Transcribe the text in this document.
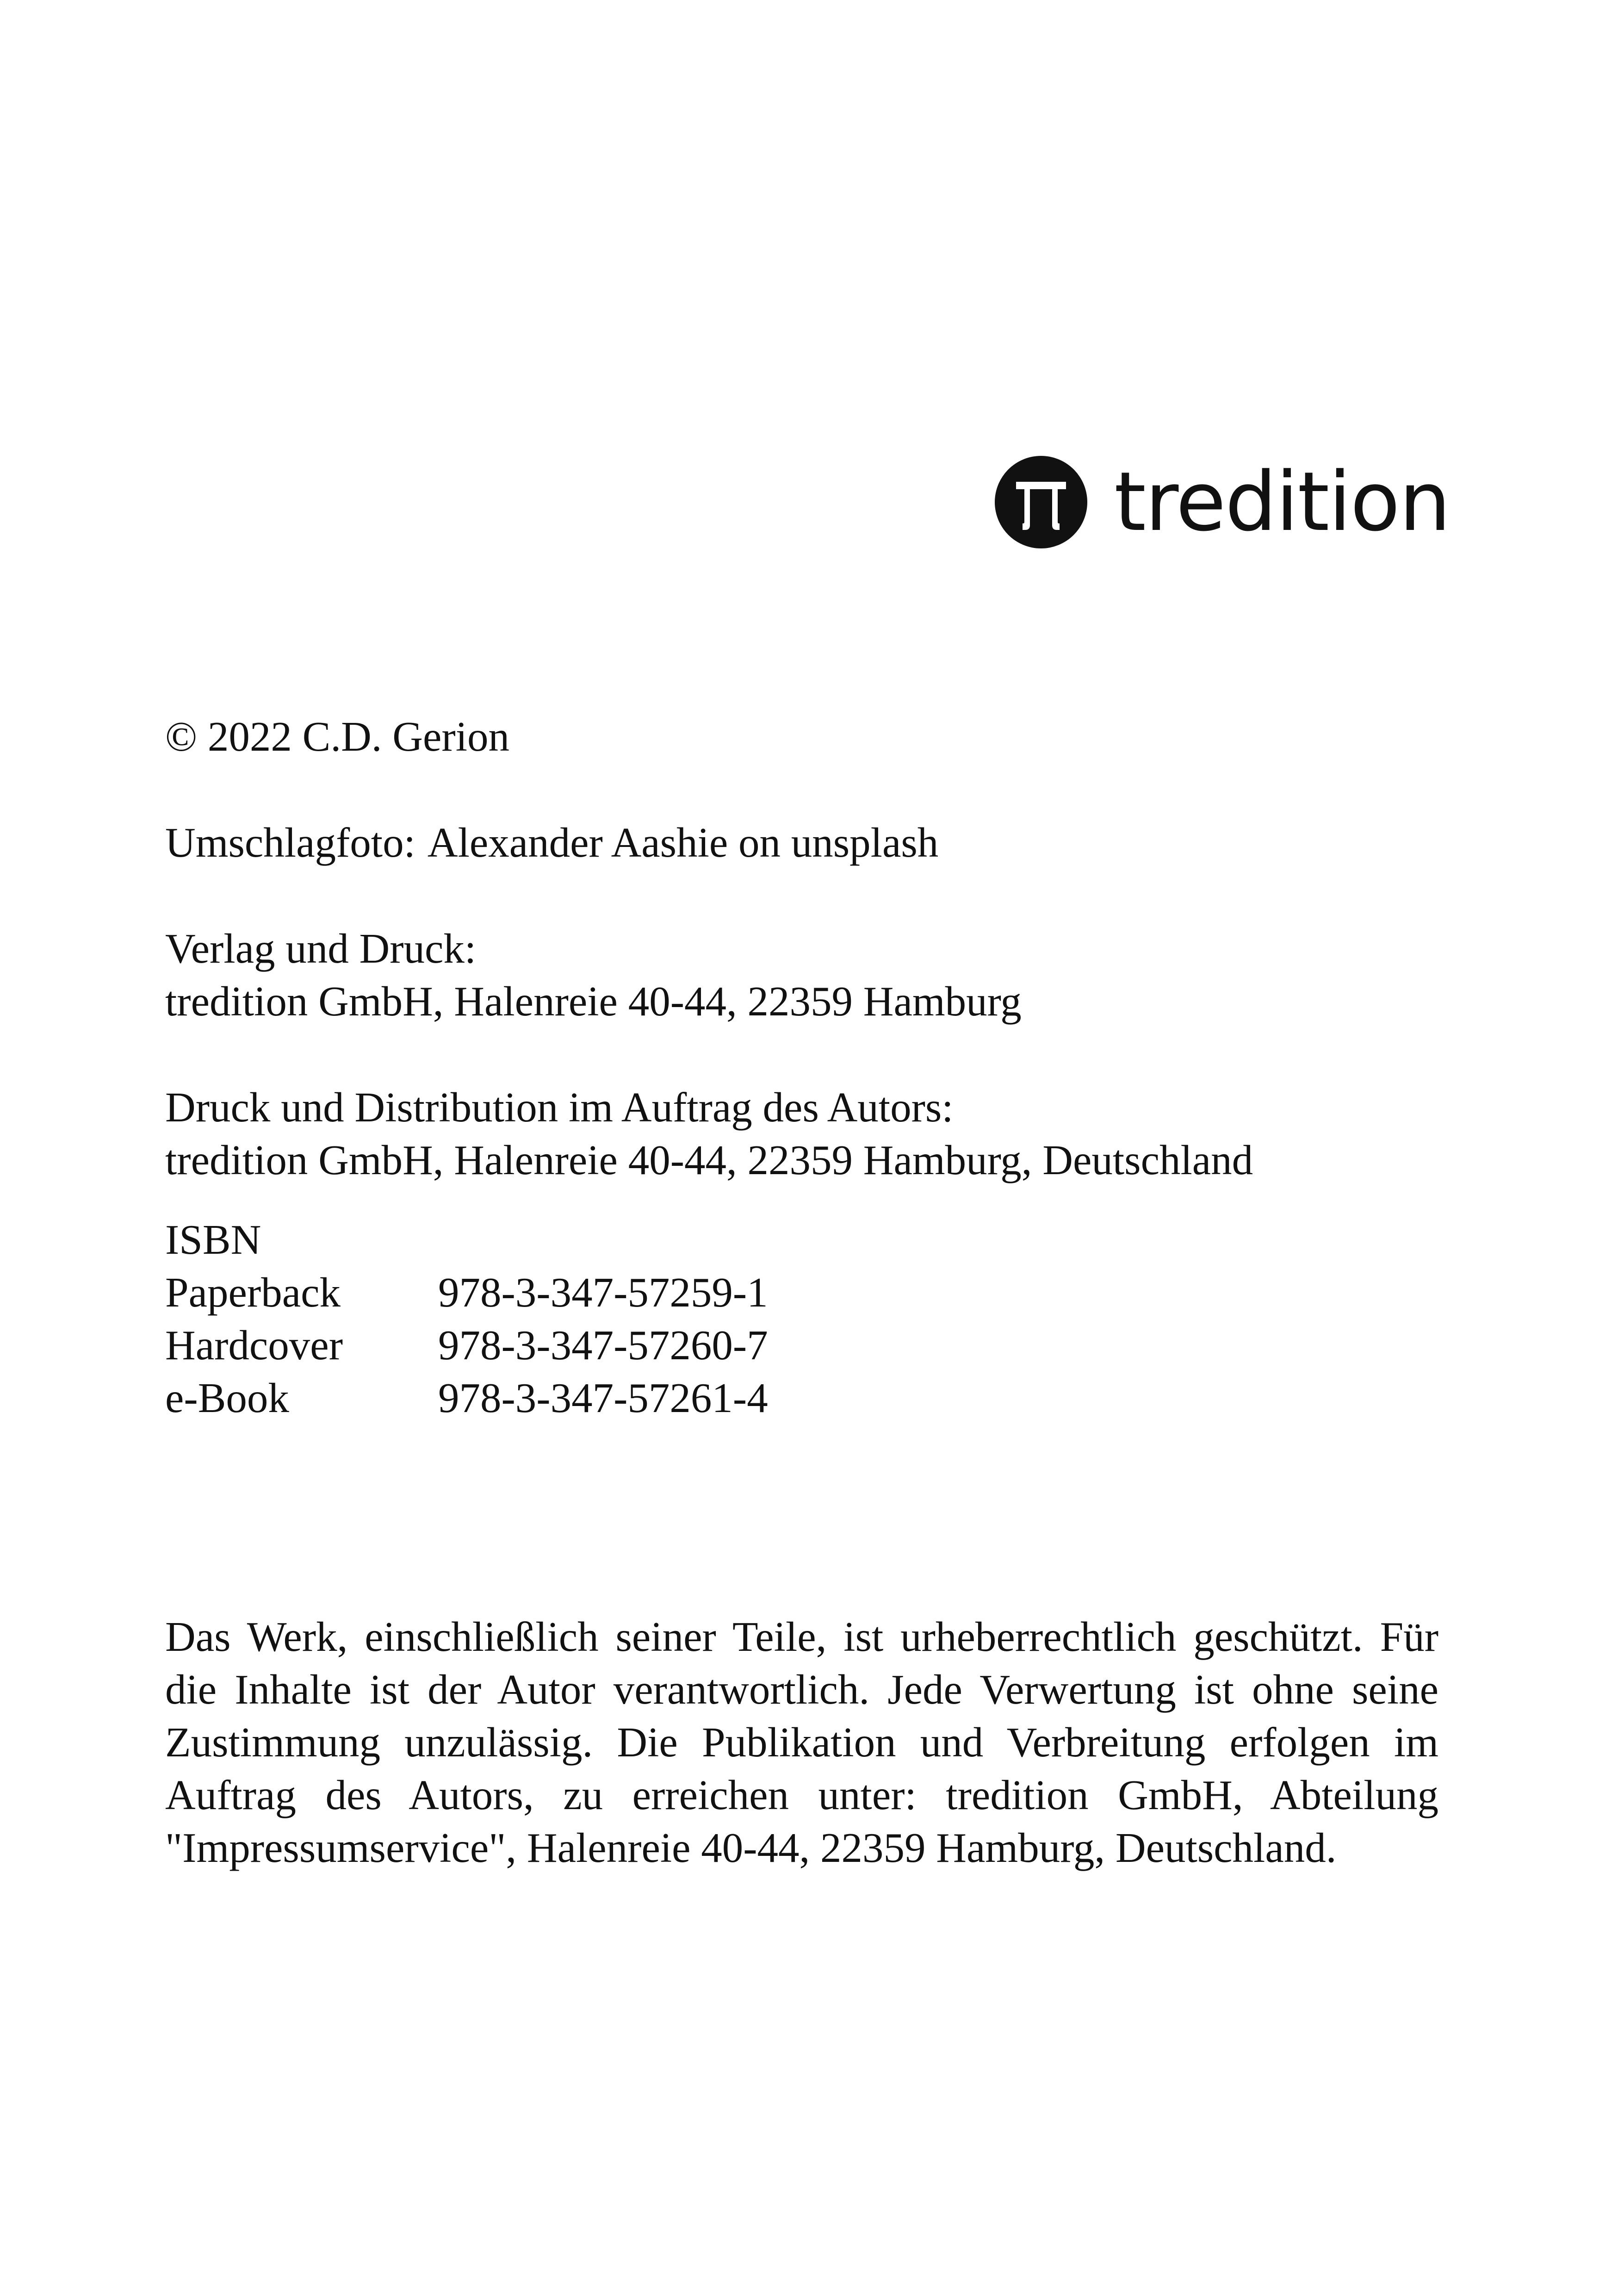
tredition

© 2022 C.D. Gerion

Umschlagfoto: Alexander Aashie on unsplash

Verlag und Druck:
tredition GmbH, Halenreie 40-44, 22359 Hamburg

Druck und Distribution im Auftrag des Autors:
tredition GmbH, Halenreie 40-44, 22359 Hamburg, Deutschland

ISBN
Paperback	978-3-347-57259-1
Hardcover	978-3-347-57260-7
e-Book	978-3-347-57261-4

Das Werk, einschließlich seiner Teile, ist urheberrechtlich geschützt. Für die Inhalte ist der Autor verantwortlich. Jede Verwertung ist ohne seine Zustimmung unzulässig. Die Publikation und Verbreitung erfolgen im Auftrag des Autors, zu erreichen unter: tredition GmbH, Abteilung "Impressumservice", Halenreie 40-44, 22359 Hamburg, Deutschland.
